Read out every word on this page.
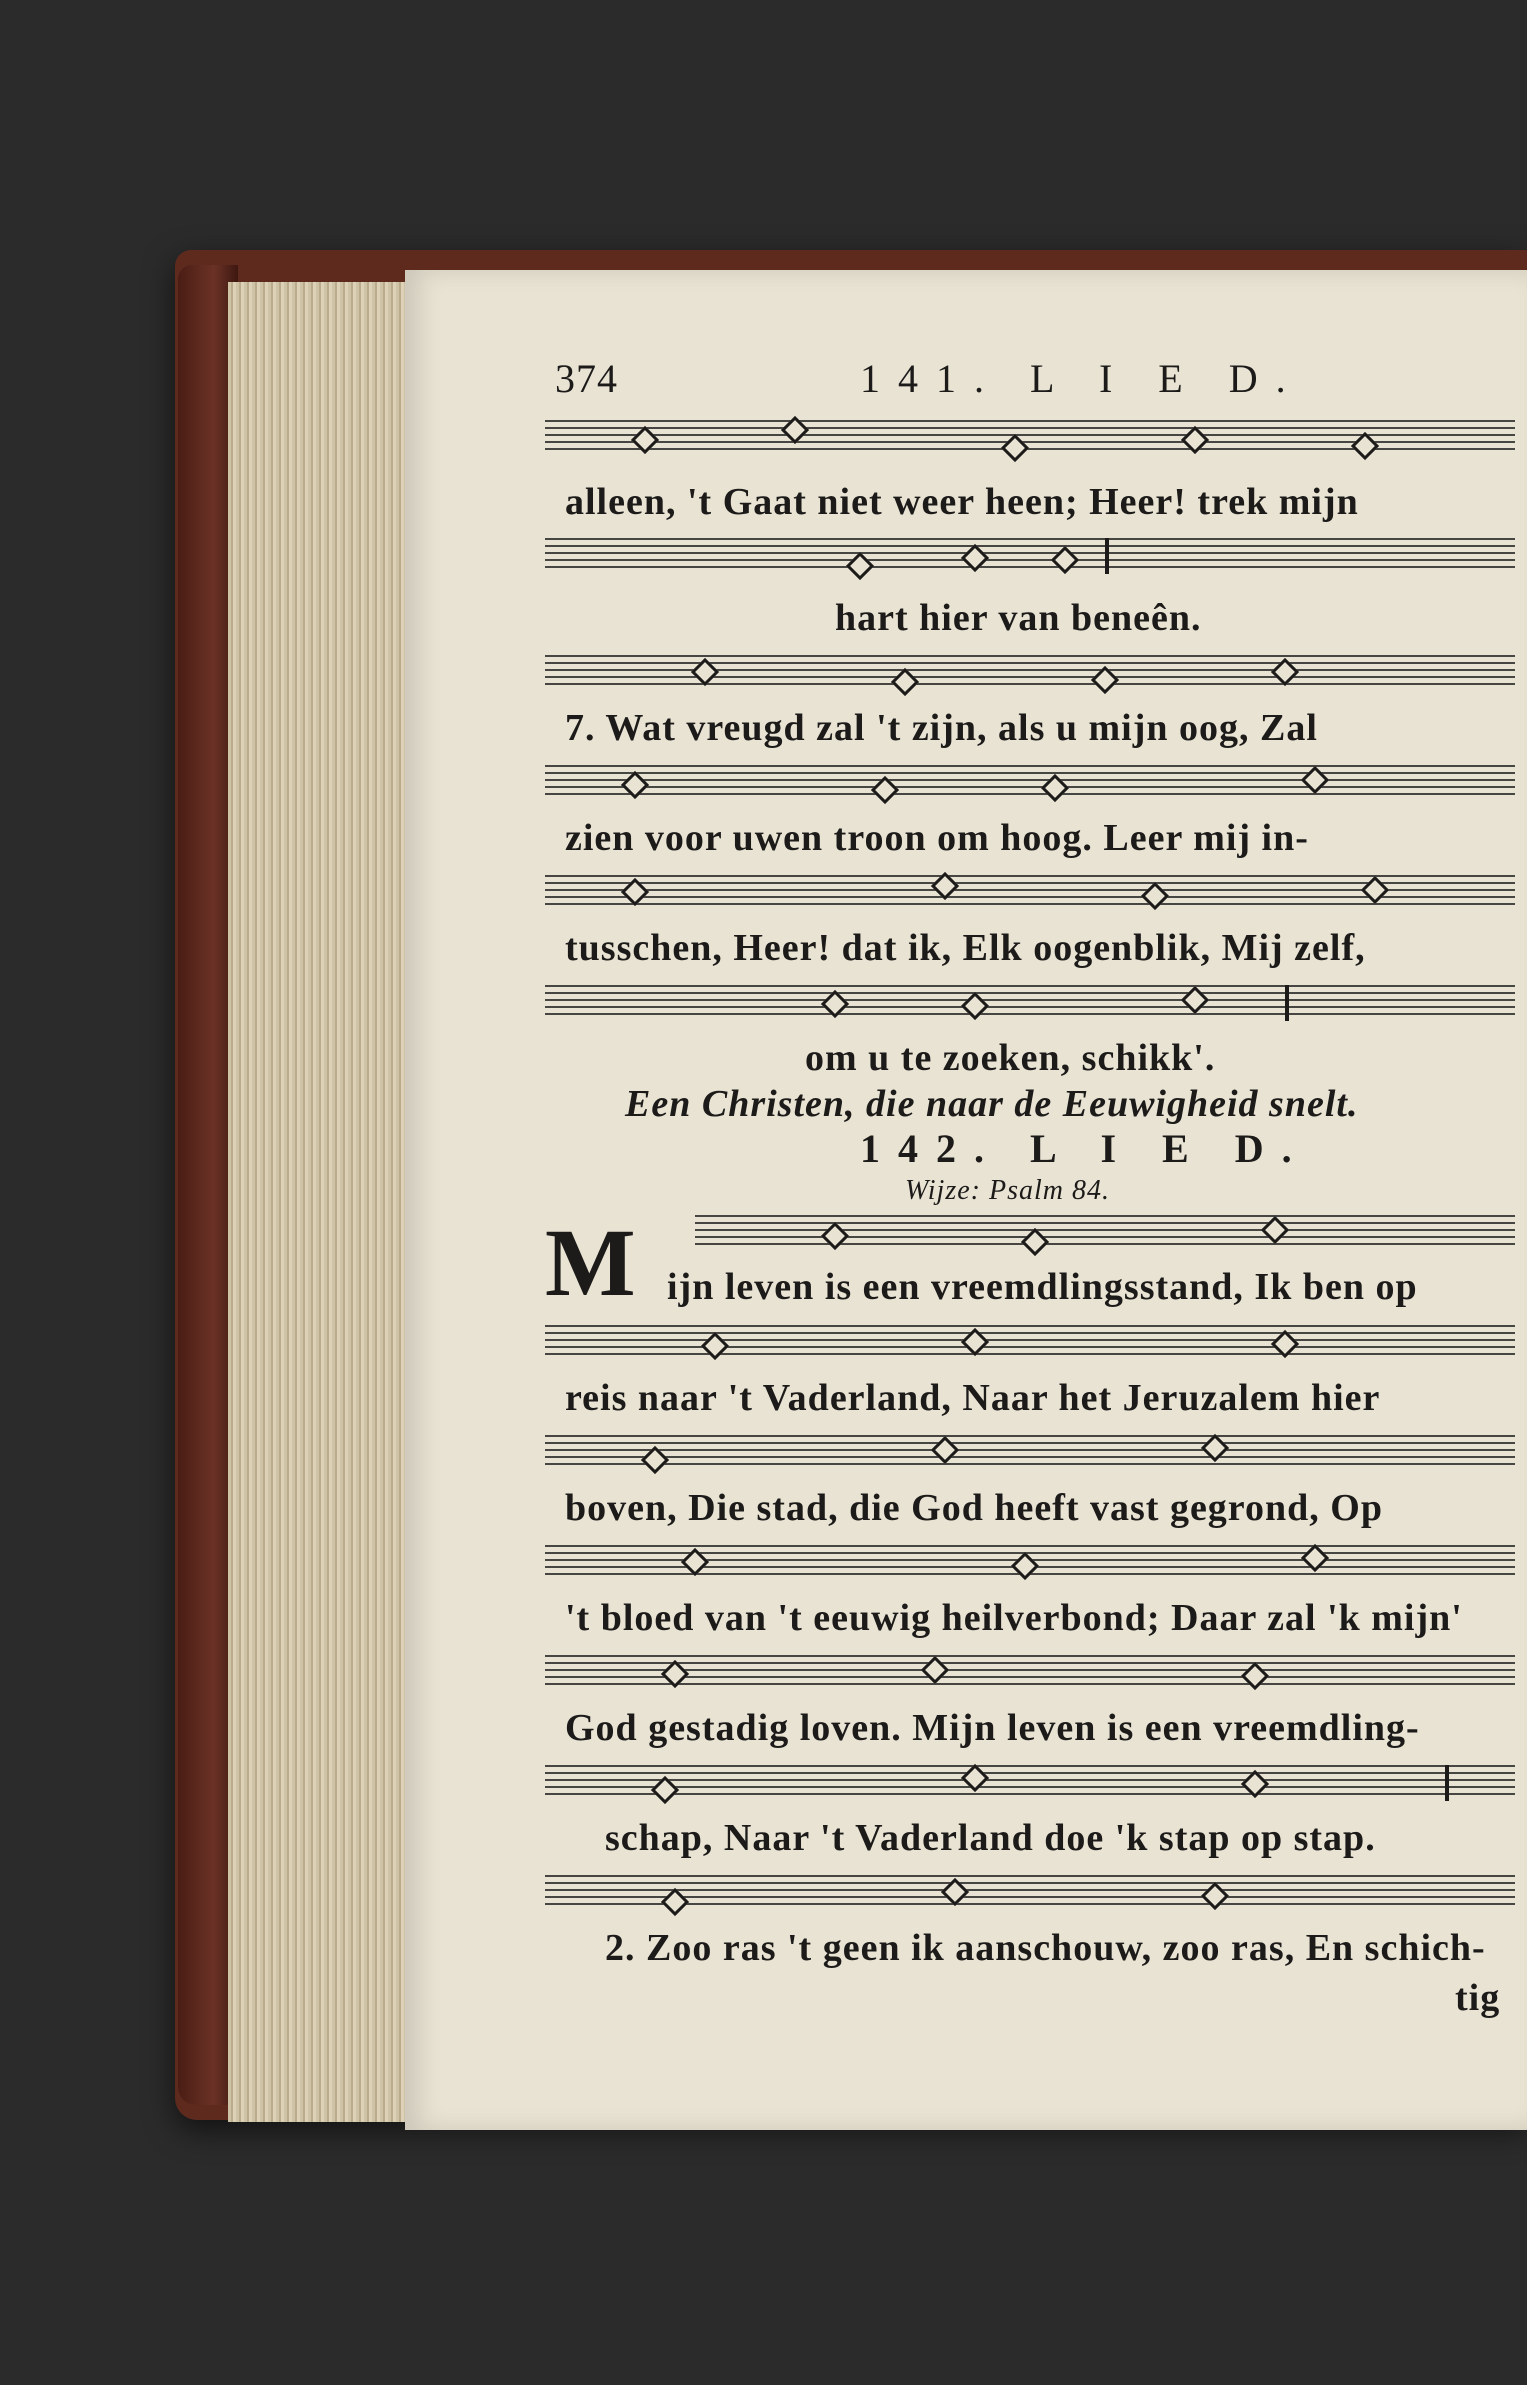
374	141. L I E D.
alleen, 't Gaat niet weer heen; Heer! trek mijn
hart hier van beneên.
7. Wat vreugd zal 't zijn, als u mijn oog, Zal
zien voor uwen troon om hoog. Leer mij in-
tusschen, Heer! dat ik, Elk oogenblik, Mij zelf,
om u te zoeken, schikk'.
Een Christen, die naar de Eeuwigheid snelt.
142. L I E D.
Wijze: Psalm 84.
M ijn leven is een vreemdlingsstand, Ik ben op
reis naar 't Vaderland, Naar het Jeruzalem hier
boven, Die stad, die God heeft vast gegrond, Op
't bloed van 't eeuwig heilverbond; Daar zal 'k mijn'
God gestadig loven. Mijn leven is een vreemdling-
schap, Naar 't Vaderland doe 'k stap op stap.
2. Zoo ras 't geen ik aanschouw, zoo ras, En schich-
tig
